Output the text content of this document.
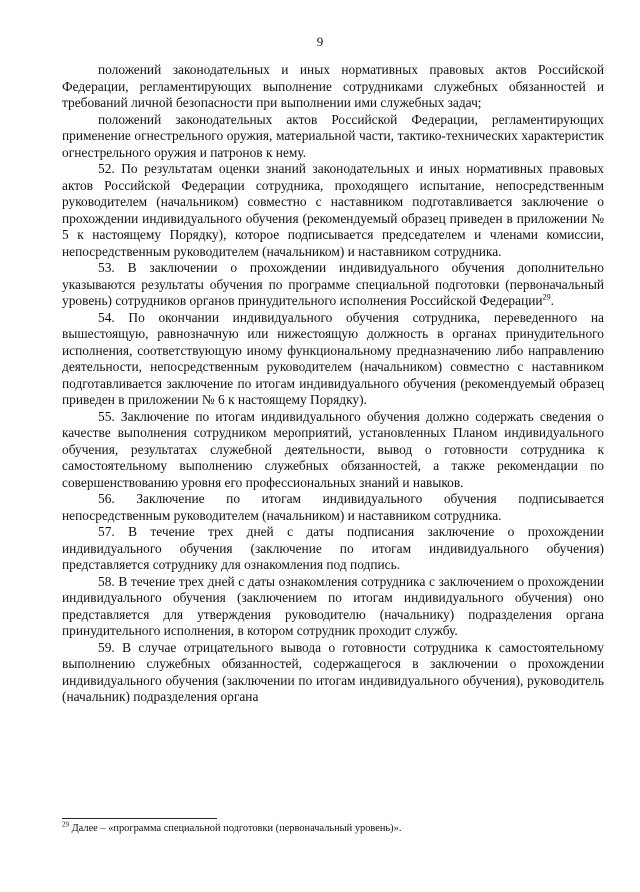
9

положений законодательных и иных нормативных правовых актов Российской Федерации, регламентирующих выполнение сотрудниками служебных обязанностей и требований личной безопасности при выполнении ими служебных задач;

положений законодательных актов Российской Федерации, регламентирующих применение огнестрельного оружия, материальной части, тактико-технических характеристик огнестрельного оружия и патронов к нему.

52. По результатам оценки знаний законодательных и иных нормативных правовых актов Российской Федерации сотрудника, проходящего испытание, непосредственным руководителем (начальником) совместно с наставником подготавливается заключение о прохождении индивидуального обучения (рекомендуемый образец приведен в приложении № 5 к настоящему Порядку), которое подписывается председателем и членами комиссии, непосредственным руководителем (начальником) и наставником сотрудника.

53. В заключении о прохождении индивидуального обучения дополнительно указываются результаты обучения по программе специальной подготовки (первоначальный уровень) сотрудников органов принудительного исполнения Российской Федерации$^{29}$.

54. По окончании индивидуального обучения сотрудника, переведенного на вышестоящую, равнозначную или нижестоящую должность в органах принудительного исполнения, соответствующую иному функциональному предназначению либо направлению деятельности, непосредственным руководителем (начальником) совместно с наставником подготавливается заключение по итогам индивидуального обучения (рекомендуемый образец приведен в приложении № 6 к настоящему Порядку).

55. Заключение по итогам индивидуального обучения должно содержать сведения о качестве выполнения сотрудником мероприятий, установленных Планом индивидуального обучения, результатах служебной деятельности, вывод о готовности сотрудника к самостоятельному выполнению служебных обязанностей, а также рекомендации по совершенствованию уровня его профессиональных знаний и навыков.

56. Заключение по итогам индивидуального обучения подписывается непосредственным руководителем (начальником) и наставником сотрудника.

57. В течение трех дней с даты подписания заключение о прохождении индивидуального обучения (заключение по итогам индивидуального обучения) представляется сотруднику для ознакомления под подпись.

58. В течение трех дней с даты ознакомления сотрудника с заключением о прохождении индивидуального обучения (заключением по итогам индивидуального обучения) оно представляется для утверждения руководителю (начальнику) подразделения органа принудительного исполнения, в котором сотрудник проходит службу.

59. В случае отрицательного вывода о готовности сотрудника к самостоятельному выполнению служебных обязанностей, содержащегося в заключении о прохождении индивидуального обучения (заключении по итогам индивидуального обучения), руководитель (начальник) подразделения органа

$^{29}$ Далее – «программа специальной подготовки (первоначальный уровень)».
